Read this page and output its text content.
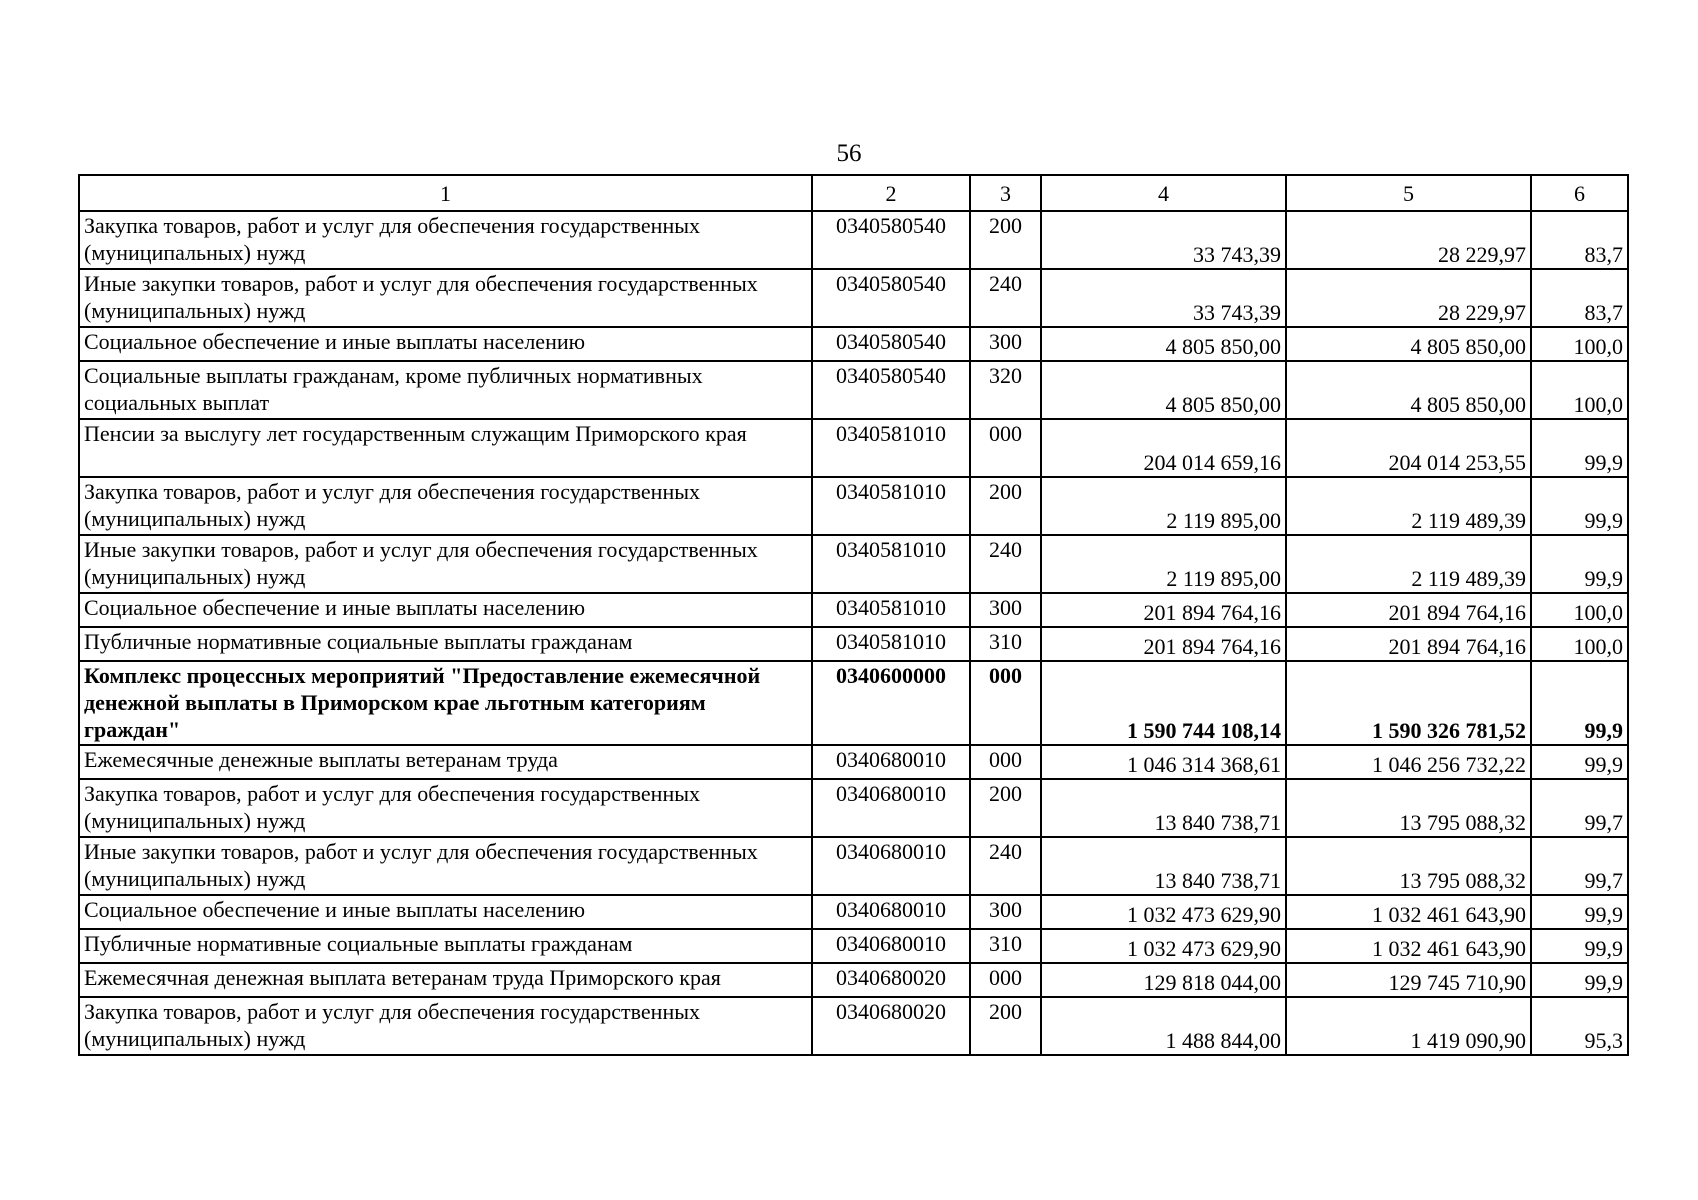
56
1	2	3	4	5	6
Закупка товаров, работ и услуг для обеспечения государственных (муниципальных) нужд	0340580540	200	33 743,39	28 229,97	83,7
Иные закупки товаров, работ и услуг для обеспечения государственных (муниципальных) нужд	0340580540	240	33 743,39	28 229,97	83,7
Социальное обеспечение и иные выплаты населению	0340580540	300	4 805 850,00	4 805 850,00	100,0
Социальные выплаты гражданам, кроме публичных нормативных социальных выплат	0340580540	320	4 805 850,00	4 805 850,00	100,0
Пенсии за выслугу лет государственным служащим Приморского края	0340581010	000	204 014 659,16	204 014 253,55	99,9
Закупка товаров, работ и услуг для обеспечения государственных (муниципальных) нужд	0340581010	200	2 119 895,00	2 119 489,39	99,9
Иные закупки товаров, работ и услуг для обеспечения государственных (муниципальных) нужд	0340581010	240	2 119 895,00	2 119 489,39	99,9
Социальное обеспечение и иные выплаты населению	0340581010	300	201 894 764,16	201 894 764,16	100,0
Публичные нормативные социальные выплаты гражданам	0340581010	310	201 894 764,16	201 894 764,16	100,0
Комплекс процессных мероприятий "Предоставление ежемесячной денежной выплаты в Приморском крае льготным категориям граждан"	0340600000	000	1 590 744 108,14	1 590 326 781,52	99,9
Ежемесячные денежные выплаты ветеранам труда	0340680010	000	1 046 314 368,61	1 046 256 732,22	99,9
Закупка товаров, работ и услуг для обеспечения государственных (муниципальных) нужд	0340680010	200	13 840 738,71	13 795 088,32	99,7
Иные закупки товаров, работ и услуг для обеспечения государственных (муниципальных) нужд	0340680010	240	13 840 738,71	13 795 088,32	99,7
Социальное обеспечение и иные выплаты населению	0340680010	300	1 032 473 629,90	1 032 461 643,90	99,9
Публичные нормативные социальные выплаты гражданам	0340680010	310	1 032 473 629,90	1 032 461 643,90	99,9
Ежемесячная денежная выплата ветеранам труда Приморского края	0340680020	000	129 818 044,00	129 745 710,90	99,9
Закупка товаров, работ и услуг для обеспечения государственных (муниципальных) нужд	0340680020	200	1 488 844,00	1 419 090,90	95,3
